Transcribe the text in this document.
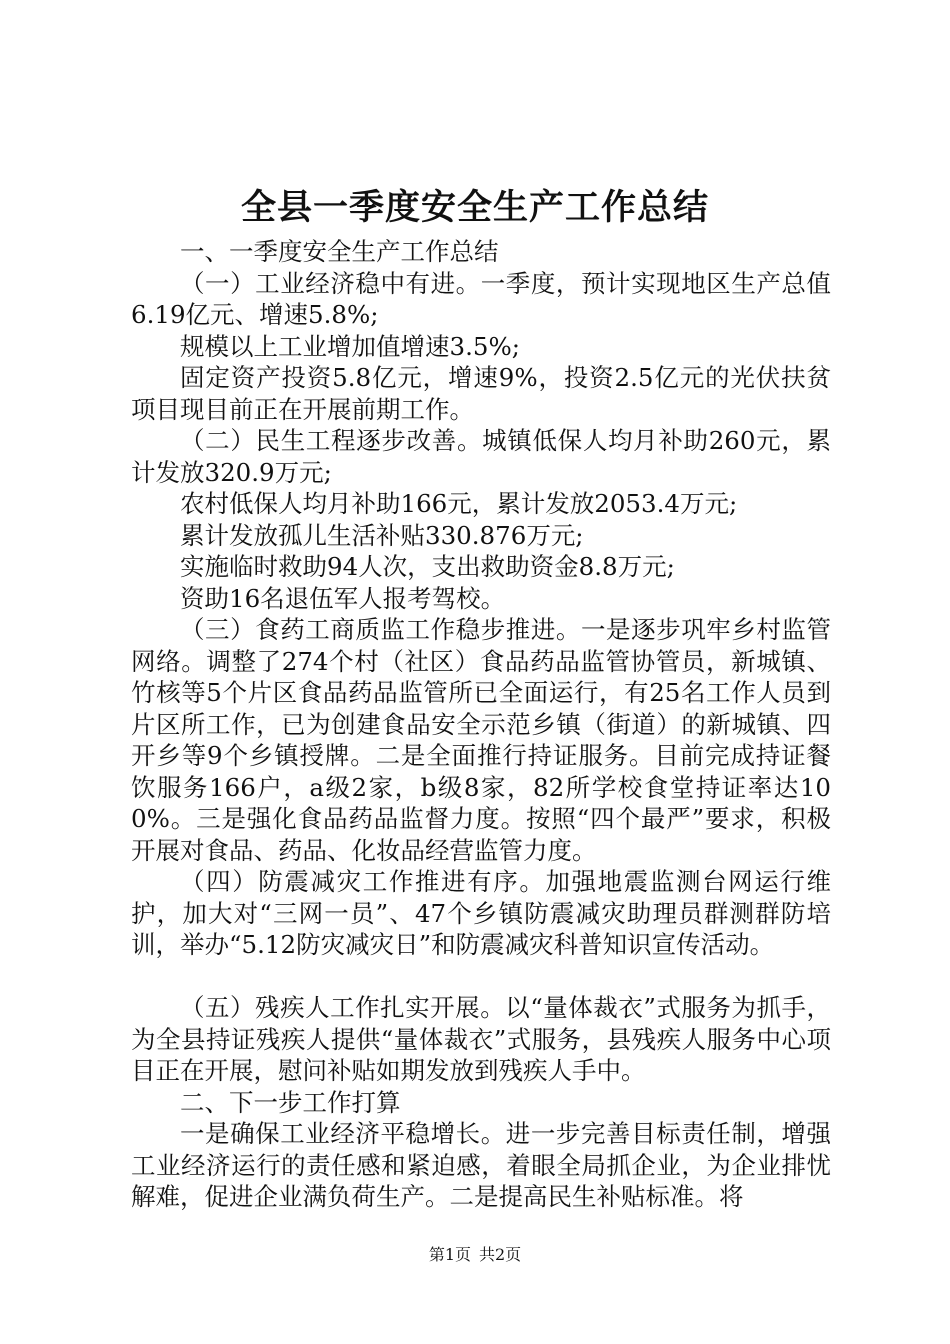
全县一季度安全生产工作总结

一、一季度安全生产工作总结

（一）工业经济稳中有进。一季度，预计实现地区生产总值6.19亿元、增速5.8%;

规模以上工业增加值增速3.5%;

固定资产投资5.8亿元，增速9%，投资2.5亿元的光伏扶贫项目现目前正在开展前期工作。

（二）民生工程逐步改善。城镇低保人均月补助260元，累计发放320.9万元;

农村低保人均月补助166元，累计发放2053.4万元;

累计发放孤儿生活补贴330.876万元;

实施临时救助94人次，支出救助资金8.8万元;

资助16名退伍军人报考驾校。

（三）食药工商质监工作稳步推进。一是逐步巩牢乡村监管网络。调整了274个村（社区）食品药品监管协管员，新城镇、竹核等5个片区食品药品监管所已全面运行，有25名工作人员到片区所工作，已为创建食品安全示范乡镇（街道）的新城镇、四开乡等9个乡镇授牌。二是全面推行持证服务。目前完成持证餐饮服务166户，a级2家，b级8家，82所学校食堂持证率达100%。三是强化食品药品监督力度。按照“四个最严”要求，积极开展对食品、药品、化妆品经营监管力度。

（四）防震减灾工作推进有序。加强地震监测台网运行维护，加大对“三网一员”、47个乡镇防震减灾助理员群测群防培训，举办“5.12防灾减灾日”和防震减灾科普知识宣传活动。

（五）残疾人工作扎实开展。以“量体裁衣”式服务为抓手，为全县持证残疾人提供“量体裁衣”式服务，县残疾人服务中心项目正在开展，慰问补贴如期发放到残疾人手中。

二、下一步工作打算

一是确保工业经济平稳增长。进一步完善目标责任制，增强工业经济运行的责任感和紧迫感，着眼全局抓企业，为企业排忧解难，促进企业满负荷生产。二是提高民生补贴标准。将

第1页 共2页
